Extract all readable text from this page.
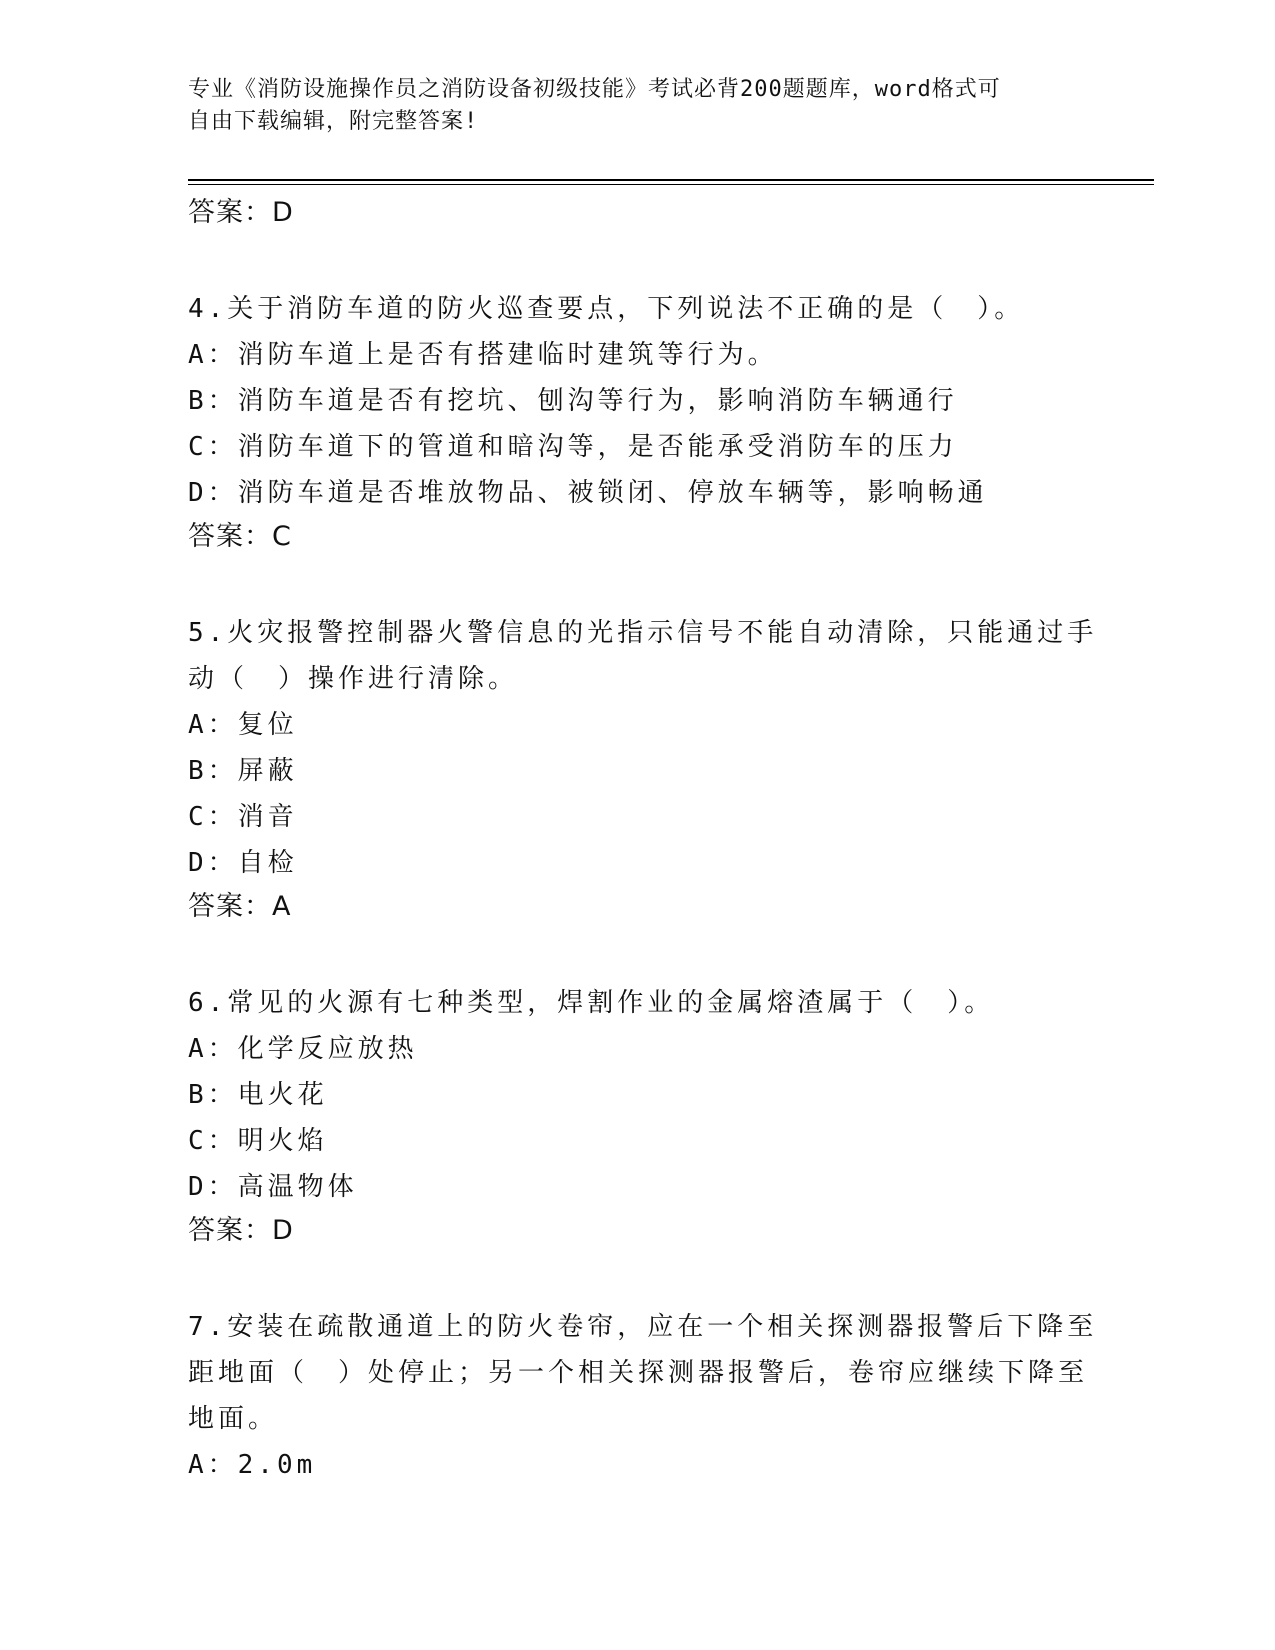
专业《消防设施操作员之消防设备初级技能》考试必背200题题库，word格式可
自由下载编辑，附完整答案!
答案：D
4.关于消防车道的防火巡查要点，下列说法不正确的是（　）。
A：消防车道上是否有搭建临时建筑等行为。
B：消防车道是否有挖坑、刨沟等行为，影响消防车辆通行
C：消防车道下的管道和暗沟等，是否能承受消防车的压力
D：消防车道是否堆放物品、被锁闭、停放车辆等，影响畅通
答案：C
5.火灾报警控制器火警信息的光指示信号不能自动清除，只能通过手
动（　）操作进行清除。
A：复位
B：屏蔽
C：消音
D：自检
答案：A
6.常见的火源有七种类型，焊割作业的金属熔渣属于（　）。
A：化学反应放热
B：电火花
C：明火焰
D：高温物体
答案：D
7.安装在疏散通道上的防火卷帘，应在一个相关探测器报警后下降至
距地面（　）处停止；另一个相关探测器报警后，卷帘应继续下降至
地面。
A：2.0m
